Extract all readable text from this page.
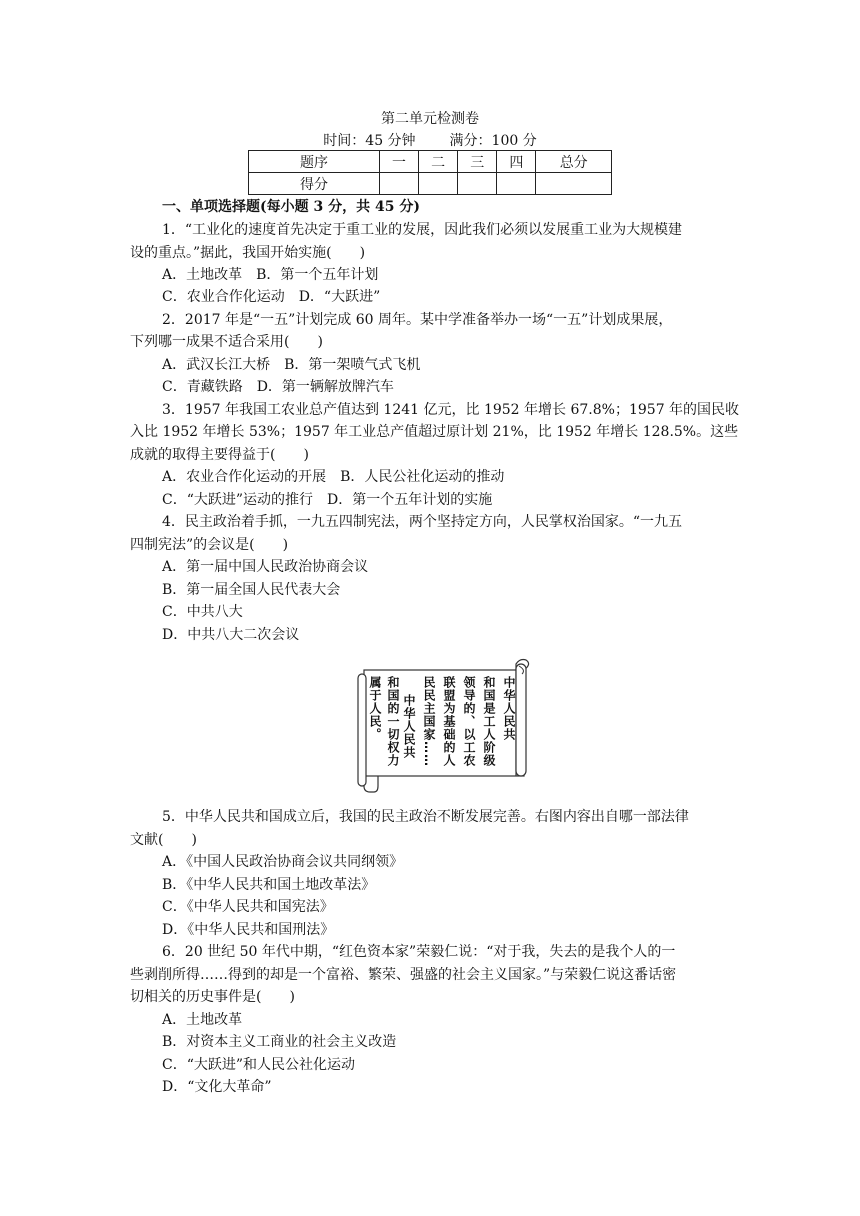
第二单元检测卷
时间：45 分钟 满分：100 分
题序	一	二	三	四	总分
得分					
一、单项选择题(每小题 3 分，共 45 分)
1．“工业化的速度首先决定于重工业的发展，因此我们必须以发展重工业为大规模建
设的重点。”据此，我国开始实施(　　)
A．土地改革　B．第一个五年计划
C．农业合作化运动　D．“大跃进”
2．2017 年是“一五”计划完成 60 周年。某中学准备举办一场“一五”计划成果展，
下列哪一成果不适合采用(　　)
A．武汉长江大桥　B．第一架喷气式飞机
C．青藏铁路　D．第一辆解放牌汽车
3．1957 年我国工农业总产值达到 1241 亿元，比 1952 年增长 67.8%；1957 年的国民收
入比 1952 年增长 53%；1957 年工业总产值超过原计划 21%，比 1952 年增长 128.5%。这些
成就的取得主要得益于(　　)
A．农业合作化运动的开展　B．人民公社化运动的推动
C．“大跃进”运动的推行　D．第一个五年计划的实施
4．民主政治着手抓，一九五四制宪法，两个坚持定方向，人民掌权治国家。“一九五
四制宪法”的会议是(　　)
A．第一届中国人民政治协商会议
B．第一届全国人民代表大会
C．中共八大
D．中共八大二次会议
中华人民共
和国是工人阶级
领导的、以工农
联盟为基础的人
民民主国家……
中华人民共
和国的一切权力
属于人民。
5．中华人民共和国成立后，我国的民主政治不断发展完善。右图内容出自哪一部法律
文献(　　)
A．《中国人民政治协商会议共同纲领》
B．《中华人民共和国土地改革法》
C．《中华人民共和国宪法》
D．《中华人民共和国刑法》
6．20 世纪 50 年代中期，“红色资本家”荣毅仁说：“对于我，失去的是我个人的一
些剥削所得……得到的却是一个富裕、繁荣、强盛的社会主义国家。”与荣毅仁说这番话密
切相关的历史事件是(　　)
A．土地改革
B．对资本主义工商业的社会主义改造
C．“大跃进”和人民公社化运动
D．“文化大革命”
